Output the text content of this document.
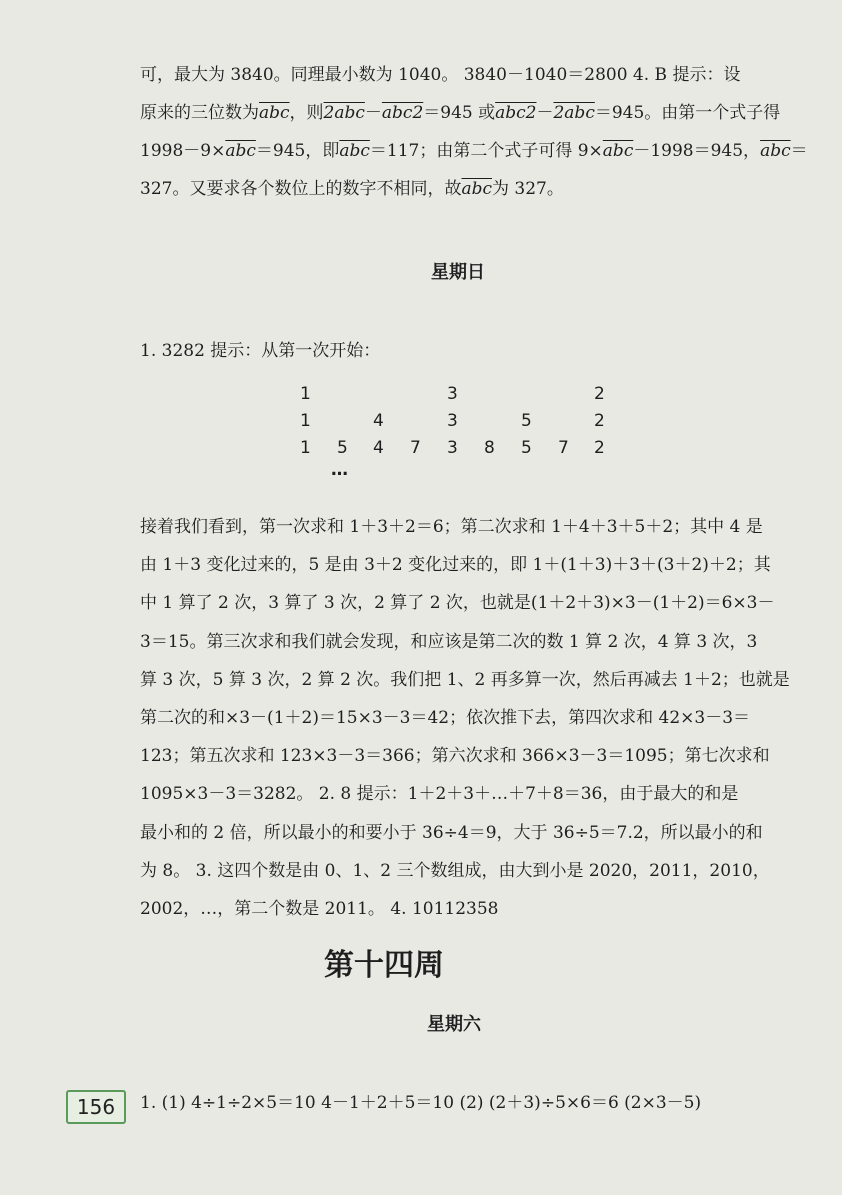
可，最大为 3840。同理最小数为 1040。 3840－1040＝2800 4. B 提示：设
原来的三位数为$\overline{abc}$，则2abc－abc2＝945 或abc2－2abc＝945。由第一个式子得
$1998-9\times\overline{abc}=945$，即$\overline{abc}=117$；由第二个式子可得 $9\times\overline{abc}-1998=945$，$\overline{abc}=$
327。又要求各个数位上的数字不相同，故$\overline{abc}$为 327。
星期日
1. 3282 提示：从第一次开始：
1	3	2
1	4	3	5	2
1 5 4 7 3 8 5 7 2
…
接着我们看到，第一次求和 1＋3＋2＝6；第二次求和 1＋4＋3＋5＋2；其中 4 是
由 1＋3 变化过来的，5 是由 3＋2 变化过来的，即 1＋(1＋3)＋3＋(3＋2)＋2；其
中 1 算了 2 次，3 算了 3 次，2 算了 2 次，也就是(1＋2＋3)×3－(1＋2)＝6×3－
3＝15。第三次求和我们就会发现，和应该是第二次的数 1 算 2 次，4 算 3 次，3
算 3 次，5 算 3 次，2 算 2 次。我们把 1、2 再多算一次，然后再减去 1＋2；也就是
第二次的和×3－(1＋2)＝15×3－3＝42；依次推下去，第四次求和 42×3－3＝
123；第五次求和 123×3－3＝366；第六次求和 366×3－3＝1095；第七次求和
1095×3－3＝3282。 2. 8 提示：1＋2＋3＋…＋7＋8＝36，由于最大的和是
最小和的 2 倍，所以最小的和要小于 36÷4＝9，大于 36÷5＝7.2，所以最小的和
为 8。 3. 这四个数是由 0、1、2 三个数组成，由大到小是 2020，2011，2010，
2002，…，第二个数是 2011。 4. 10112358
第十四周
星期六
156	1. (1) 4÷1÷2×5＝10 4－1＋2＋5＝10 (2) (2＋3)÷5×6＝6 (2×3－5)
